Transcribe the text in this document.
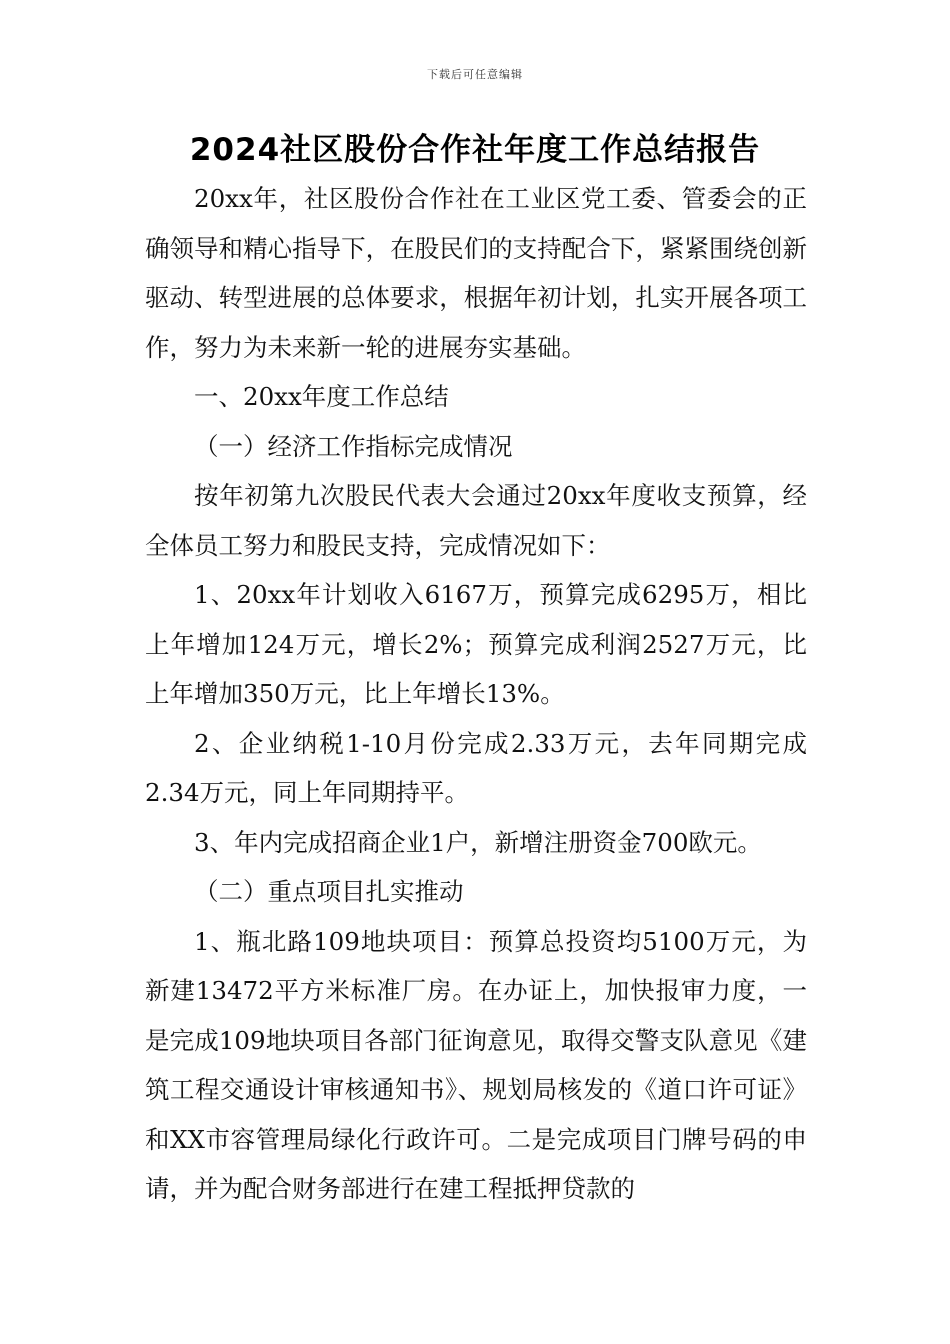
下载后可任意编辑
2024社区股份合作社年度工作总结报告

20xx年，社区股份合作社在工业区党工委、管委会的正确领导和精心指导下，在股民们的支持配合下，紧紧围绕创新驱动、转型进展的总体要求，根据年初计划，扎实开展各项工作，努力为未来新一轮的进展夯实基础。

一、20xx年度工作总结

（一）经济工作指标完成情况

按年初第九次股民代表大会通过20xx年度收支预算，经全体员工努力和股民支持，完成情况如下：

1、20xx年计划收入6167万，预算完成6295万，相比上年增加124万元，增长2%；预算完成利润2527万元，比上年增加350万元，比上年增长13%。

2、企业纳税1-10月份完成2.33万元，去年同期完成2.34万元，同上年同期持平。

3、年内完成招商企业1户，新增注册资金700欧元。

（二）重点项目扎实推动

1、瓶北路109地块项目：预算总投资均5100万元，为新建13472平方米标准厂房。在办证上，加快报审力度，一是完成109地块项目各部门征询意见，取得交警支队意见《建筑工程交通设计审核通知书》、规划局核发的《道口许可证》和XX市容管理局绿化行政许可。二是完成项目门牌号码的申请，并为配合财务部进行在建工程抵押贷款的
